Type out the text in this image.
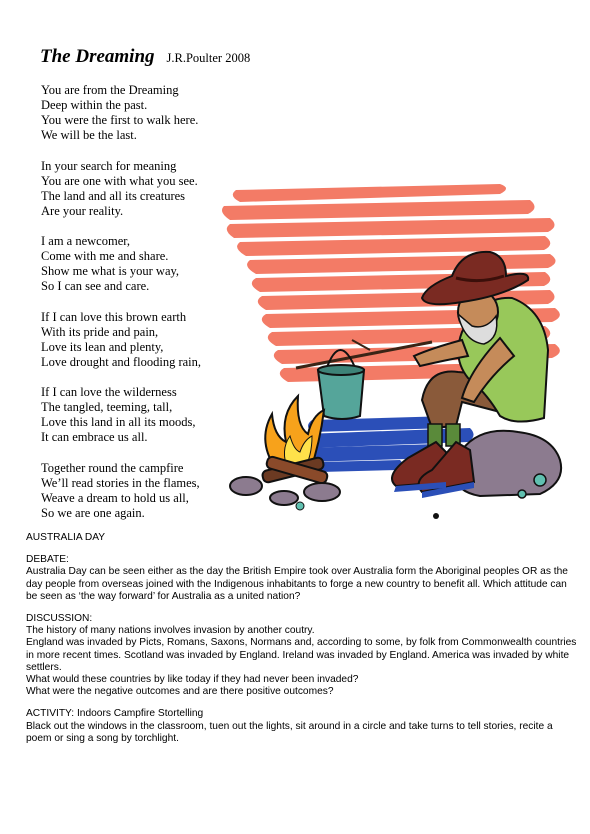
The Dreaming J.R.Poulter 2008
You are from the Dreaming
Deep within the past.
You were the first to walk here.
We will be the last.
In your search for meaning
You are one with what you see.
The land and all its creatures
Are your reality.
I am a newcomer,
Come with me and share.
Show me what is your way,
So I can see and care.
If I can love this brown earth
With its pride and pain,
Love its lean and plenty,
Love drought and flooding rain,
If I can love the wilderness
The tangled, teeming, tall,
Love this land in all its moods,
It can embrace us all.
Together round the campfire
We’ll read stories in the flames,
Weave a dream to hold us all,
So we are one again.

AUSTRALIA DAY

DEBATE:

Australia Day can be seen either as the day the British Empire took over Australia form the Aboriginal peoples OR as the day people from overseas joined with the Indigenous inhabitants to forge a new country to benefit all. Which attitude can be seen as ‘the way forward’ for Australia as a united nation?

DISCUSSION:

The history of many nations involves invasion by another coutry.

England was invaded by Picts, Romans, Saxons, Normans and, according to some, by folk from Commonwealth countries in more recent times. Scotland was invaded by England. Ireland was invaded by England. America was invaded by white settlers.

What would these countries by like today if they had never been invaded?

What were the negative outcomes and are there positive outcomes?

ACTIVITY: Indoors Campfire Stortelling

Black out the windows in the classroom, tuen out the lights, sit around in a circle and take turns to tell stories, recite a poem or sing a song by torchlight.
